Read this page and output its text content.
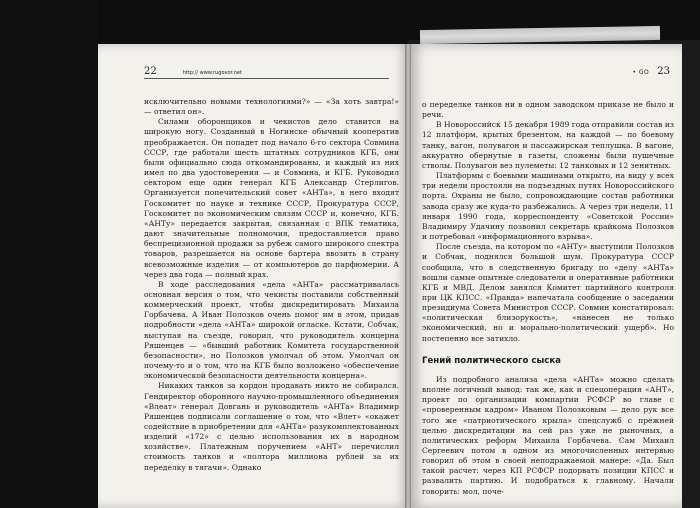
22	http:// www.rugovor.net

исключительно новыми технологиями?» — «За хоть завтра!» — ответил он».

Силами оборонщиков и чекистов дело ставится на широкую ногу. Созданный в Ногинске обычный кооператив преображается. Он попадет под начало 6-го сектора Совмина СССР, где работали шесть штатных сотрудников КГБ, они были официально сюда откомандированы, и каждый из них имел по два удостоверения — и Совмина, и КГБ. Руководил сектором еще один генерал КГБ Александр Стерлигов. Организуется попечительский совет «АНТа», в него входят Госкомитет по науке и технике СССР, Прокуратура СССР, Госкомитет по экономическим связям СССР и, конечно, КГБ. «АНТу» передается закрытая, связанная с ВПК тематика, дают значительные полномочия, предоставляется право беспрецизионной продажи за рубеж самого широкого спектра товаров, разрешается на основе бартера ввозить в страну всевозможные изделия — от компьютеров до парфюмерии. А через два года — полный крах.

В ходе расследования «дела «АНТа» рассматривалась основная версия о том, что чекисты поставили собственный коммерческий проект, чтобы дискредитировать Михаила Горбачева. А Иван Полозков очень помог им в этом, придав подробности «дела «АНТа» широкой огласке. Кстати, Собчак, выступая на съезде, говорил, что руководитель концерна Ряшенцев — «бывший работник Комитета государственной безопасности», но Полозков умолчал об этом. Умолчал он почему-то и о том, что на КГБ было возложено «обеспечение экономической безопасности деятельности концерна».

Никаких танков за кордон продавать никто не собирался. Гендиректор оборонного научно-промышленного объединения «Влеат» генерал Довгань и руководитель «АНТа» Владимир Ряшенцев подписали соглашение о том, что «Влет» «окажет содействие в приобретении для «АНТа» разукомплектованных изделий «172» с целью использования их в народном хозяйстве». Платежным поручением «АНТ» перечислил стоимость танков и «полтора миллиона рублей за их переделку в тягачи». Однако

• GO 23

о переделке танков ни в одном заводском приказе не было и речи.

В Новороссийск 15 декабря 1989 года отправили состав из 12 платформ, крытых брезентом, на каждой — по боевому танку, вагон, полувагон и пассажирская теплушка. В вагоне, аккуратно обернутые в газеты, сложены были пушечные стволы. Полувагон вез пулеметы: 12 танковых и 12 зенитных.

Платформы с боевыми машинами открыто, на виду у всех три недели простояли на подъездных путях Новороссийского порта. Охраны не было, сопровождающие состав работники завода сразу же куда-то разбежались. А через три недели, 11 января 1990 года, корреспонденту «Советской России» Владимиру Удачину позвонил секретарь крайкома Полозков и потребовал «информационного взрыва».

После съезда, на котором по «АНТу» выступили Полозков и Собчак, поднялся большой шум. Прокуратура СССР сообщила, что в следственную бригаду по «делу «АНТа» вошли самые опытные следователи и оперативные работники КГБ и МВД. Делом занялся Комитет партийного контроля при ЦК КПСС. «Правда» напечатала сообщение о заседании президиума Совета Министров СССР. Совмин констатировал: «политическая близорукость», «нанесен не только экономический, но и морально-политический ущерб». Но постепенно все затихло.

Гений политического сыска

Из подробного анализа «дела «АНТа» можно сделать вполне логичный вывод: так же, как и спецоперация «АНТ», проект по организации компартии РСФСР во главе с «проверенным кадром» Иваном Полозковым — дело рук все того же «патриотического крыла» спецслужб с прежней целью дискредитации на сей раз уже не рыночных, а политических реформ Михаила Горбачева. Сам Михаил Сергеевич потом в одном из многочисленных интервью говорил об этом в своей неподражаемой манере: «Да. Был такой расчет: через КП РСФСР подорвать позиции КПСС и развалить партию. И подобраться к главному. Начали говорить: мол, поче-
